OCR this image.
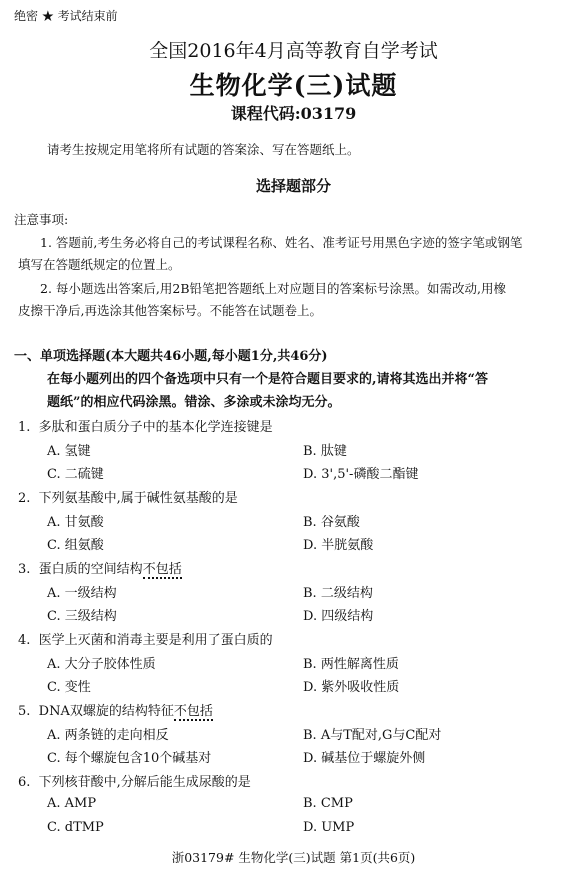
绝密 ★ 考试结束前
全国2016年4月高等教育自学考试
生物化学(三)试题
课程代码:03179
请考生按规定用笔将所有试题的答案涂、写在答题纸上。
选择题部分
注意事项:
1. 答题前,考生务必将自己的考试课程名称、姓名、准考证号用黑色字迹的签字笔或钢笔
填写在答题纸规定的位置上。
2. 每小题选出答案后,用2B铅笔把答题纸上对应题目的答案标号涂黑。如需改动,用橡
皮擦干净后,再选涂其他答案标号。不能答在试题卷上。
一、单项选择题(本大题共46小题,每小题1分,共46分)
在每小题列出的四个备选项中只有一个是符合题目要求的,请将其选出并将“答
题纸”的相应代码涂黑。错涂、多涂或未涂均无分。
1. 多肽和蛋白质分子中的基本化学连接键是
A. 氢键	B. 肽键
C. 二硫键	D. 3',5'-磷酸二酯键
2. 下列氨基酸中,属于碱性氨基酸的是
A. 甘氨酸	B. 谷氨酸
C. 组氨酸	D. 半胱氨酸
3. 蛋白质的空间结构不包括
A. 一级结构	B. 二级结构
C. 三级结构	D. 四级结构
4. 医学上灭菌和消毒主要是利用了蛋白质的
A. 大分子胶体性质	B. 两性解离性质
C. 变性	D. 紫外吸收性质
5. DNA双螺旋的结构特征不包括
A. 两条链的走向相反	B. A与T配对,G与C配对
C. 每个螺旋包含10个碱基对	D. 碱基位于螺旋外侧
6. 下列核苷酸中,分解后能生成尿酸的是
A. AMP	B. CMP
C. dTMP	D. UMP
浙03179# 生物化学(三)试题 第1页(共6页)
